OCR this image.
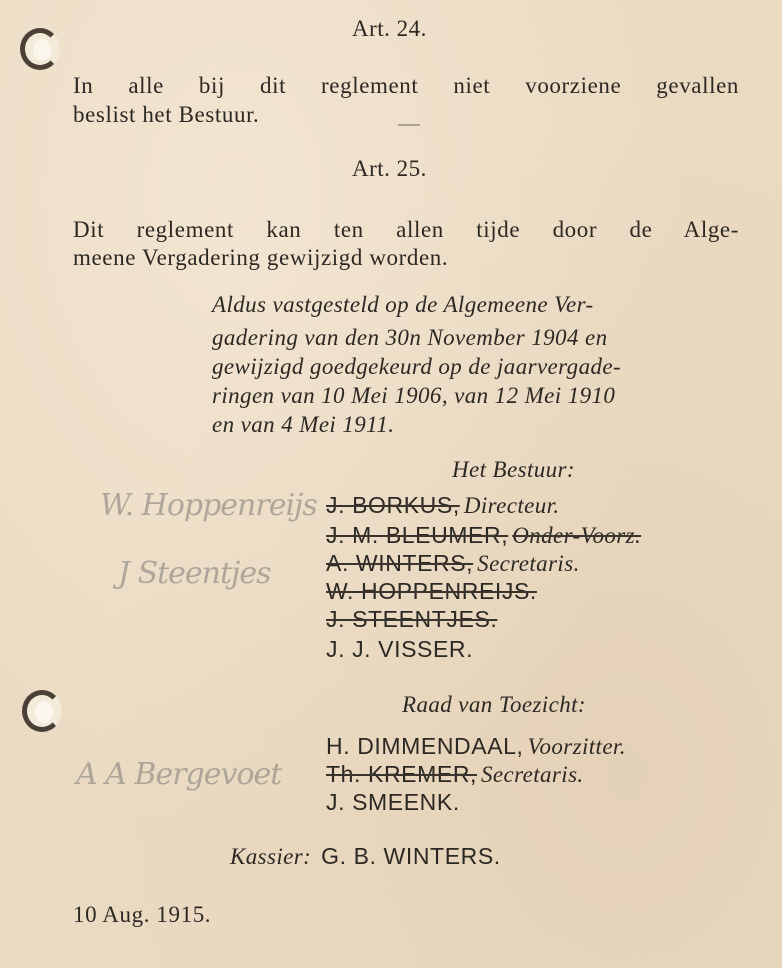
Art. 24.
In alle bij dit reglement niet voorziene gevallen
beslist het Bestuur.
Art. 25.
Dit reglement kan ten allen tijde door de Alge-
meene Vergadering gewijzigd worden.
Aldus vastgesteld op de Algemeene Ver-
gadering van den 30n November 1904 en
gewijzigd goedgekeurd op de jaarvergade-
ringen van 10 Mei 1906, van 12 Mei 1910
en van 4 Mei 1911.
Het Bestuur:
W. Hoppenreijs
J Steentjes
J. BORKUS, Directeur.
J. M. BLEUMER, Onder-Voorz.
A. WINTERS, Secretaris.
W. HOPPENREIJS.
J. STEENTJES.
J. J. VISSER.
Raad van Toezicht:
A A Bergevoet
H. DIMMENDAAL, Voorzitter.
Th. KREMER, Secretaris.
J. SMEENK.
Kassier: G. B. WINTERS.
10 Aug. 1915.
